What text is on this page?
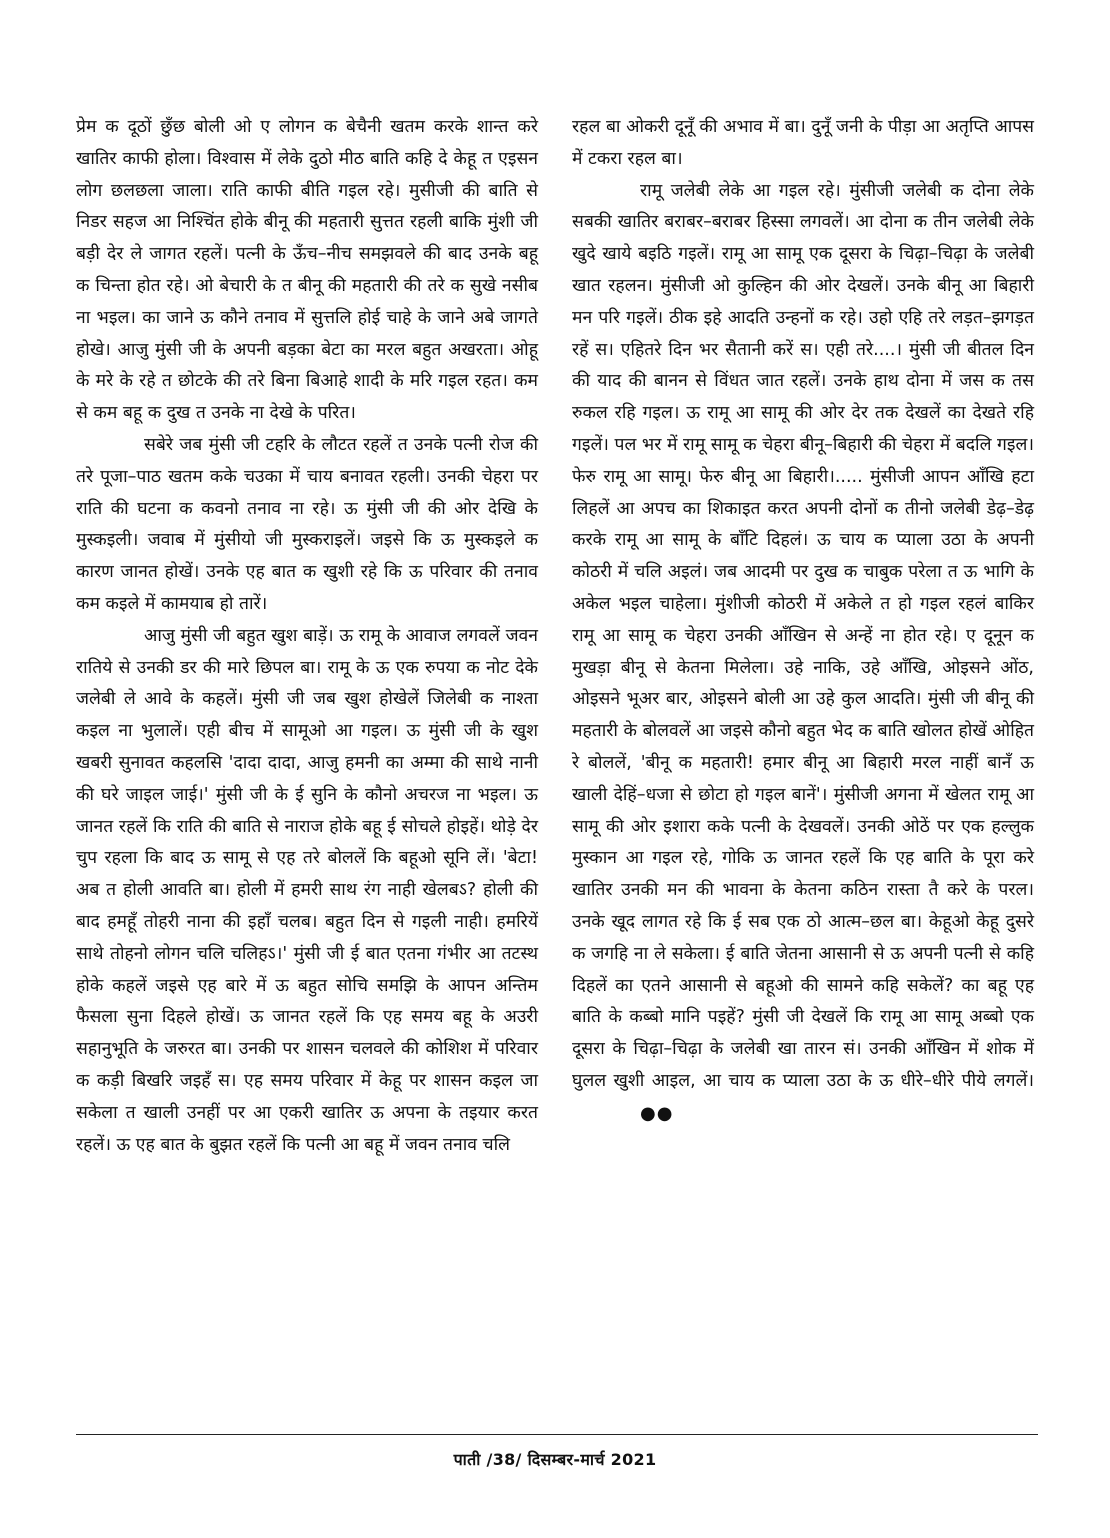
प्रेम क दूठों छुँछ बोली ओ ए लोगन क बेचैनी खतम करके शान्त करे खातिर काफी होला। विश्वास में लेके दुठो मीठ बाति कहि दे केहू त एइसन लोग छलछला जाला। राति काफी बीति गइल रहे। मुसीजी की बाति से निडर सहज आ निश्चिंत होके बीनू की महतारी सुत्तत रहली बाकि मुंशी जी बड़ी देर ले जागत रहलें। पत्नी के ऊँच–नीच समझवले की बाद उनके बहू क चिन्ता होत रहे। ओ बेचारी के त बीनू की महतारी की तरे क सुखे नसीब ना भइल। का जाने ऊ कौने तनाव में सुत्तलि होई चाहे के जाने अबे जागते होखे। आजु मुंसी जी के अपनी बड़का बेटा का मरल बहुत अखरता। ओहू के मरे के रहे त छोटके की तरे बिना बिआहे शादी के मरि गइल रहत। कम से कम बहू क दुख त उनके ना देखे के परित।

सबेरे जब मुंसी जी टहरि के लौटत रहलें त उनके पत्नी रोज की तरे पूजा–पाठ खतम कके चउका में चाय बनावत रहली। उनकी चेहरा पर राति की घटना क कवनो तनाव ना रहे। ऊ मुंसी जी की ओर देखि के मुस्कइली। जवाब में मुंसीयो जी मुस्कराइलें। जइसे कि ऊ मुस्कइले क कारण जानत होखें। उनके एह बात क खुशी रहे कि ऊ परिवार की तनाव कम कइले में कामयाब हो तारें।

आजु मुंसी जी बहुत खुश बाड़ें। ऊ रामू के आवाज लगवलें जवन रातिये से उनकी डर की मारे छिपल बा। रामू के ऊ एक रुपया क नोट देके जलेबी ले आवे के कहलें। मुंसी जी जब खुश होखेलें जिलेबी क नाश्ता कइल ना भुलालें। एही बीच में सामूओ आ गइल। ऊ मुंसी जी के खुश खबरी सुनावत कहलसि 'दादा दादा, आजु हमनी का अम्मा की साथे नानी की घरे जाइल जाई।' मुंसी जी के ई सुनि के कौनो अचरज ना भइल। ऊ जानत रहलें कि राति की बाति से नाराज होके बहू ई सोचले होइहें। थोड़े देर चुप रहला कि बाद ऊ सामू से एह तरे बोललें कि बहूओ सूनि लें। 'बेटा! अब त होली आवति बा। होली में हमरी साथ रंग नाही खेलबऽ? होली की बाद हमहूँ तोहरी नाना की इहाँ चलब। बहुत दिन से गइली नाही। हमरियें साथे तोहनो लोगन चलि चलिहऽ।' मुंसी जी ई बात एतना गंभीर आ तटस्थ होके कहलें जइसे एह बारे में ऊ बहुत सोचि समझि के आपन अन्तिम फैसला सुना दिहले होखें। ऊ जानत रहलें कि एह समय बहू के अउरी सहानुभूति के जरुरत बा। उनकी पर शासन चलवले की कोशिश में परिवार क कड़ी बिखरि जइहँ स। एह समय परिवार में केहू पर शासन कइल जा सकेला त खाली उनहीं पर आ एकरी खातिर ऊ अपना के तइयार करत रहलें। ऊ एह बात के बुझत रहलें कि पत्नी आ बहू में जवन तनाव चलि

रहल बा ओकरी दूनूँ की अभाव में बा। दुनूँ जनी के पीड़ा आ अतृप्ति आपस में टकरा रहल बा।

रामू जलेबी लेके आ गइल रहे। मुंसीजी जलेबी क दोना लेके सबकी खातिर बराबर–बराबर हिस्सा लगवलें। आ दोना क तीन जलेबी लेके खुदे खाये बइठि गइलें। रामू आ सामू एक दूसरा के चिढ़ा–चिढ़ा के जलेबी खात रहलन। मुंसीजी ओ कुल्हिन की ओर देखलें। उनके बीनू आ बिहारी मन परि गइलें। ठीक इहे आदति उन्हनों क रहे। उहो एहि तरे लड़त–झगड़त रहें स। एहितरे दिन भर सैतानी करें स। एही तरे....। मुंसी जी बीतल दिन की याद की बानन से विंधत जात रहलें। उनके हाथ दोना में जस क तस रुकल रहि गइल। ऊ रामू आ सामू की ओर देर तक देखलें का देखते रहि गइलें। पल भर में रामू सामू क चेहरा बीनू–बिहारी की चेहरा में बदलि गइल। फेरु रामू आ सामू। फेरु बीनू आ बिहारी।..... मुंसीजी आपन आँखि हटा लिहलें आ अपच का शिकाइत करत अपनी दोनों क तीनो जलेबी डेढ़–डेढ़ करके रामू आ सामू के बाँटि दिहलं। ऊ चाय क प्याला उठा के अपनी कोठरी में चलि अइलं। जब आदमी पर दुख क चाबुक परेला त ऊ भागि के अकेल भइल चाहेला। मुंशीजी कोठरी में अकेले त हो गइल रहलं बाकिर रामू आ सामू क चेहरा उनकी आँखिन से अन्हें ना होत रहे। ए दूनून क मुखड़ा बीनू से केतना मिलेला। उहे नाकि, उहे आँखि, ओइसने ओंठ, ओइसने भूअर बार, ओइसने बोली आ उहे कुल आदति। मुंसी जी बीनू की महतारी के बोलवलें आ जइसे कौनो बहुत भेद क बाति खोलत होखें ओहित रे बोललें, 'बीनू क महतारी! हमार बीनू आ बिहारी मरल नाहीं बानँ ऊ खाली देहिं–धजा से छोटा हो गइल बानें'। मुंसीजी अगना में खेलत रामू आ सामू की ओर इशारा कके पत्नी के देखवलें। उनकी ओठें पर एक हल्लुक मुस्कान आ गइल रहे, गोकि ऊ जानत रहलें कि एह बाति के पूरा करे खातिर उनकी मन की भावना के केतना कठिन रास्ता तै करे के परल। उनके खूद लागत रहे कि ई सब एक ठो आत्म–छल बा। केहूओ केहू दुसरे क जगहि ना ले सकेला। ई बाति जेतना आसानी से ऊ अपनी पत्नी से कहि दिहलें का एतने आसानी से बहूओ की सामने कहि सकेलें? का बहू एह बाति के कब्बो मानि पइहें? मुंसी जी देखलें कि रामू आ सामू अब्बो एक दूसरा के चिढ़ा–चिढ़ा के जलेबी खा तारन सं। उनकी आँखिन में शोक में घुलल खुशी आइल, आ चाय क प्याला उठा के ऊ धीरे–धीरे पीये लगलें। ●●

पाती /38/ दिसम्बर-मार्च 2021
